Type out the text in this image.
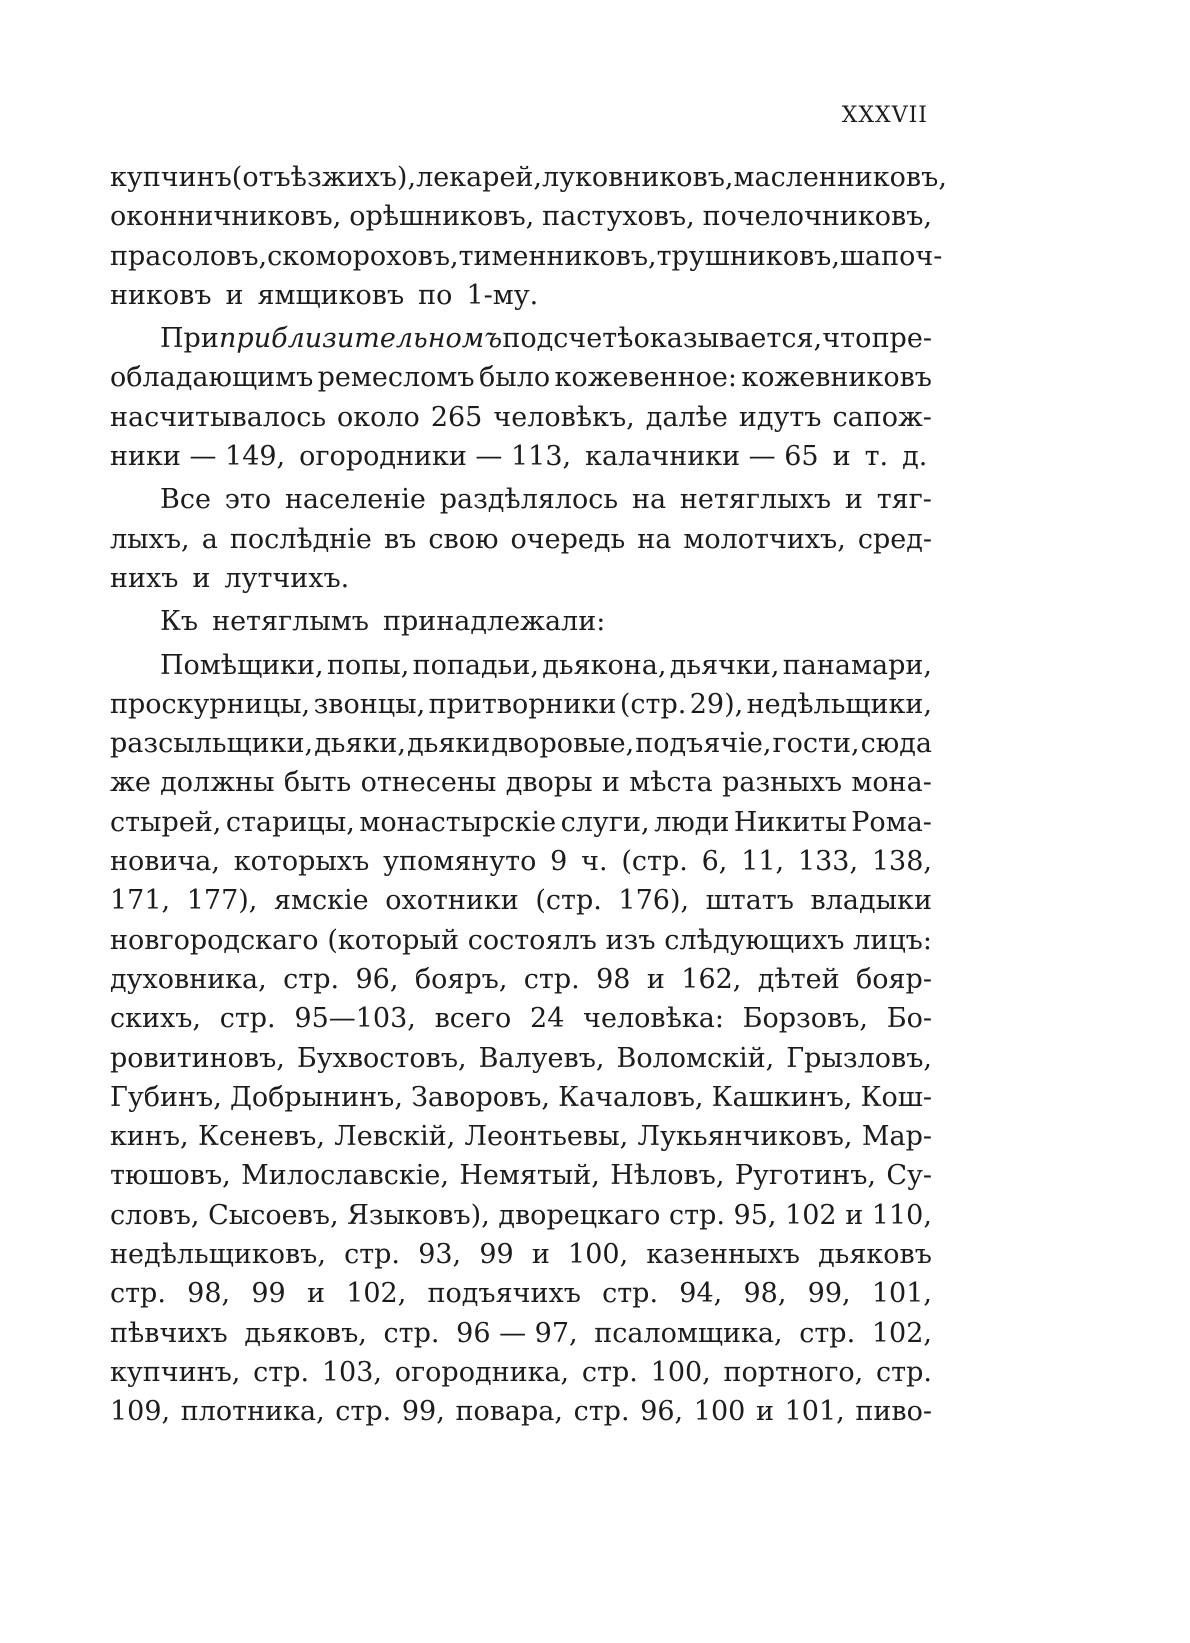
XXXVII
купчинъ (отъѣзжихъ), лекарей, луковниковъ, масленниковъ,
оконничниковъ, орѣшниковъ, пастуховъ, почелочниковъ,
прасоловъ, скомороховъ, тименниковъ, трушниковъ, шапоч-
никовъ и ямщиковъ по 1-му.
При приблизительномъ подсчетѣ оказывается, что пре-
обладающимъ ремесломъ было кожевенное: кожевниковъ
насчитывалось около 265 человѣкъ, далѣе идутъ сапож-
ники — 149, огородники — 113, калачники — 65 и т. д.
Все это населеніе раздѣлялось на нетяглыхъ и тяг-
лыхъ, а послѣдніе въ свою очередь на молотчихъ, сред-
нихъ и лутчихъ.
Къ нетяглымъ принадлежали:
Помѣщики, попы, попадьи, дьякона, дьячки, панамари,
проскурницы, звонцы, притворники (стр. 29), недѣльщики,
разсыльщики, дьяки, дьяки дворовые, подъячіе, гости, сюда
же должны быть отнесены дворы и мѣста разныхъ мона-
стырей, старицы, монастырскіе слуги, люди Никиты Рома-
новича, которыхъ упомянуто 9 ч. (стр. 6, 11, 133, 138,
171, 177), ямскіе охотники (стр. 176), штатъ владыки
новгородскаго (который состоялъ изъ слѣдующихъ лицъ:
духовника, стр. 96, бояръ, стр. 98 и 162, дѣтей бояр-
скихъ, стр. 95—103, всего 24 человѣка: Борзовъ, Бо-
ровитиновъ, Бухвостовъ, Валуевъ, Воломскій, Грызловъ,
Губинъ, Добрынинъ, Заворовъ, Качаловъ, Кашкинъ, Кош-
кинъ, Ксеневъ, Левскій, Леонтьевы, Лукьянчиковъ, Мар-
тюшовъ, Милославскіе, Немятый, Нѣловъ, Руготинъ, Су-
словъ, Сысоевъ, Языковъ), дворецкаго стр. 95, 102 и 110,
недѣльщиковъ, стр. 93, 99 и 100, казенныхъ дьяковъ
стр. 98, 99 и 102, подъячихъ стр. 94, 98, 99, 101,
пѣвчихъ дьяковъ, стр. 96 — 97, псаломщика, стр. 102,
купчинъ, стр. 103, огородника, стр. 100, портного, стр.
109, плотника, стр. 99, повара, стр. 96, 100 и 101, пиво-
